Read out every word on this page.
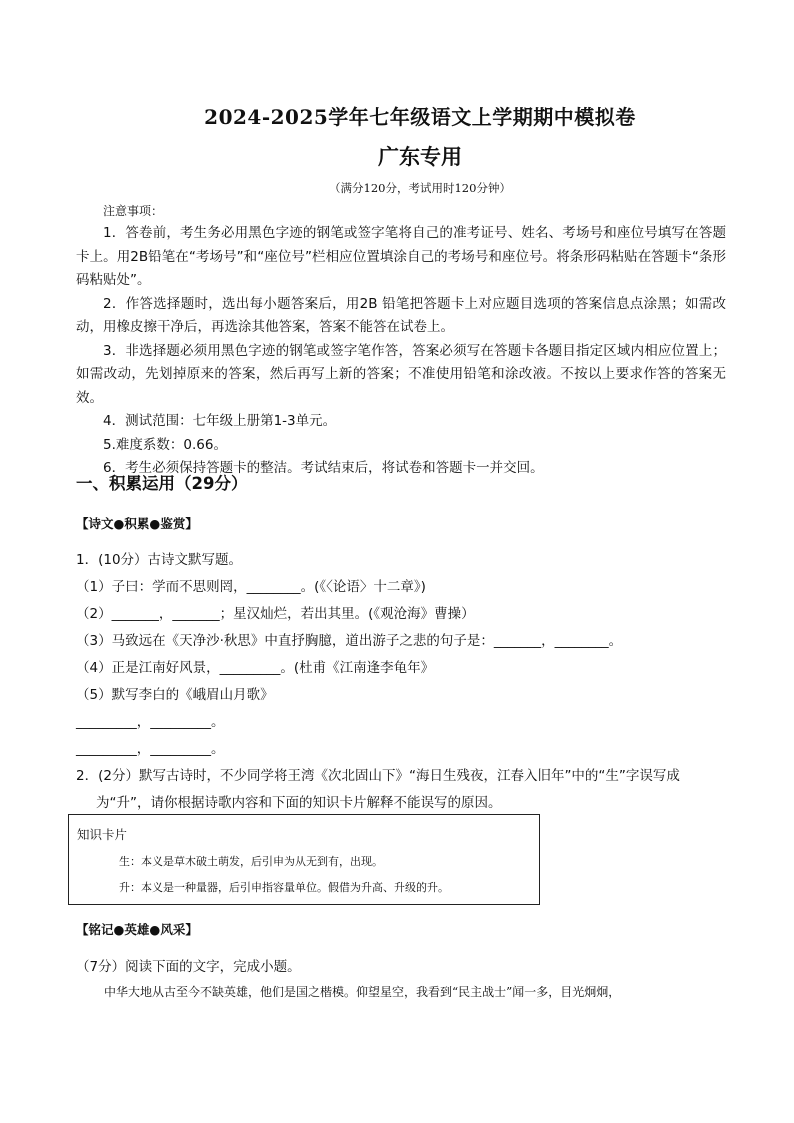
2024-2025学年七年级语文上学期期中模拟卷
广东专用
（满分120分，考试用时120分钟）
注意事项：

1．答卷前，考生务必用黑色字迹的钢笔或签字笔将自己的准考证号、姓名、考场号和座位号填写在答题卡上。用2B铅笔在“考场号”和“座位号”栏相应位置填涂自己的考场号和座位号。将条形码粘贴在答题卡“条形码粘贴处”。

2．作答选择题时，选出每小题答案后，用2B 铅笔把答题卡上对应题目选项的答案信息点涂黑；如需改动，用橡皮擦干净后，再选涂其他答案，答案不能答在试卷上。

3．非选择题必须用黑色字迹的钢笔或签字笔作答，答案必须写在答题卡各题目指定区域内相应位置上；如需改动，先划掉原来的答案，然后再写上新的答案；不准使用铅笔和涂改液。不按以上要求作答的答案无效。

4．测试范围：七年级上册第1-3单元。

5.难度系数：0.66。

6．考生必须保持答题卡的整洁。考试结束后，将试卷和答题卡一并交回。

一、积累运用（29分）
【诗文●积累●鉴赏】
1．(10分）古诗文默写题。
（1）子曰：学而不思则罔，________。(《〈论语〉十二章》)
（2）_______，_______；星汉灿烂，若出其里。(《观沧海》曹操）
（3）马致远在《天净沙·秋思》中直抒胸臆，道出游子之悲的句子是：_______，________。
（4）正是江南好风景，_________。(杜甫《江南逢李龟年》
（5）默写李白的《峨眉山月歌》
_________，_________。
_________，_________。
2．(2分）默写古诗时，不少同学将王湾《次北固山下》“海日生残夜，江春入旧年”中的“生”字误写成
为“升”，请你根据诗歌内容和下面的知识卡片解释不能误写的原因。
知识卡片
生：本义是草木破土萌发，后引申为从无到有，出现。
升：本义是一种量器，后引申指容量单位。假借为升高、升级的升。
【铭记●英雄●风采】
（7分）阅读下面的文字，完成小题。
中华大地从古至今不缺英雄，他们是国之楷模。仰望星空，我看到“民主战士”闻一多，目光炯炯，
